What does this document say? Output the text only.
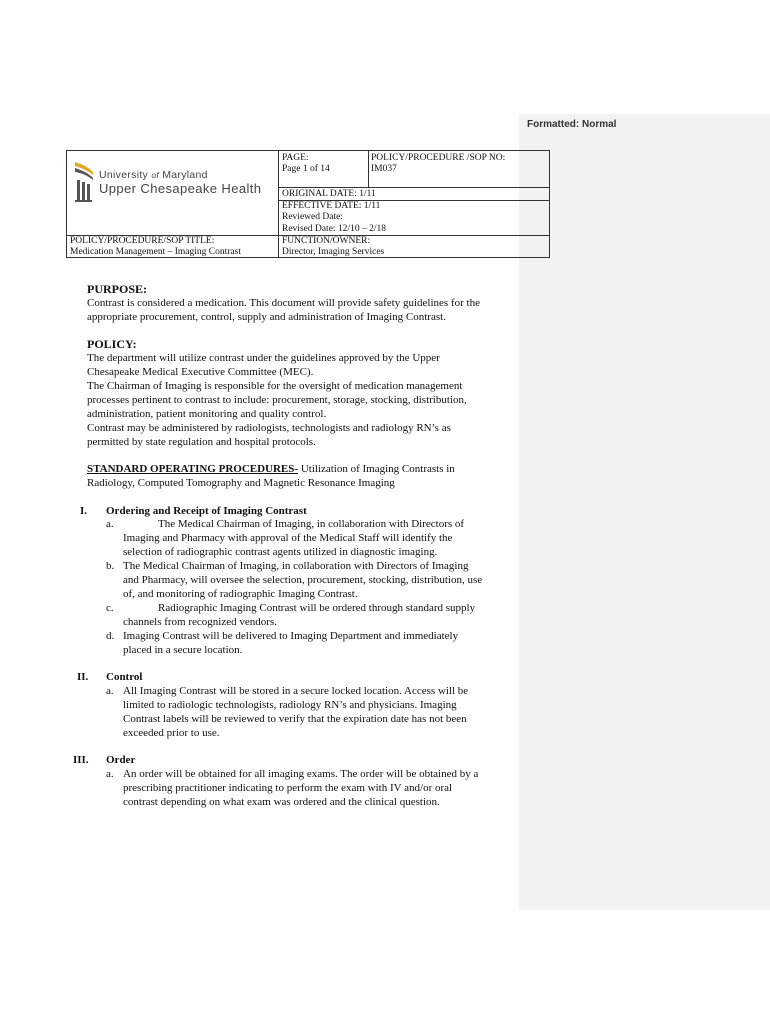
Formatted: Normal
University of Maryland
Upper Chesapeake Health
PAGE:
Page 1 of 14
POLICY/PROCEDURE /SOP NO:
IM037
ORIGINAL DATE: 1/11
EFFECTIVE DATE: 1/11
Reviewed Date:
Revised Date: 12/10 – 2/18
POLICY/PROCEDURE/SOP TITLE:
Medication Management – Imaging Contrast
FUNCTION/OWNER:
Director, Imaging Services
PURPOSE:
Contrast is considered a medication. This document will provide safety guidelines for the
appropriate procurement, control, supply and administration of Imaging Contrast.
POLICY:
The department will utilize contrast under the guidelines approved by the Upper
Chesapeake Medical Executive Committee (MEC).
The Chairman of Imaging is responsible for the oversight of medication management
processes pertinent to contrast to include: procurement, storage, stocking, distribution,
administration, patient monitoring and quality control.
Contrast may be administered by radiologists, technologists and radiology RN’s as
permitted by state regulation and hospital protocols.
STANDARD OPERATING PROCEDURES- Utilization of Imaging Contrasts in
Radiology, Computed Tomography and Magnetic Resonance Imaging
I. Ordering and Receipt of Imaging Contrast
a.	The Medical Chairman of Imaging, in collaboration with Directors of
Imaging and Pharmacy with approval of the Medical Staff will identify the
selection of radiographic contrast agents utilized in diagnostic imaging.
b. The Medical Chairman of Imaging, in collaboration with Directors of Imaging
and Pharmacy, will oversee the selection, procurement, stocking, distribution, use
of, and monitoring of radiographic Imaging Contrast.
c.	Radiographic Imaging Contrast will be ordered through standard supply
channels from recognized vendors.
d. Imaging Contrast will be delivered to Imaging Department and immediately
placed in a secure location.
II. Control
a. All Imaging Contrast will be stored in a secure locked location. Access will be
limited to radiologic technologists, radiology RN’s and physicians. Imaging
Contrast labels will be reviewed to verify that the expiration date has not been
exceeded prior to use.
III. Order
a. An order will be obtained for all imaging exams. The order will be obtained by a
prescribing practitioner indicating to perform the exam with IV and/or oral
contrast depending on what exam was ordered and the clinical question.
